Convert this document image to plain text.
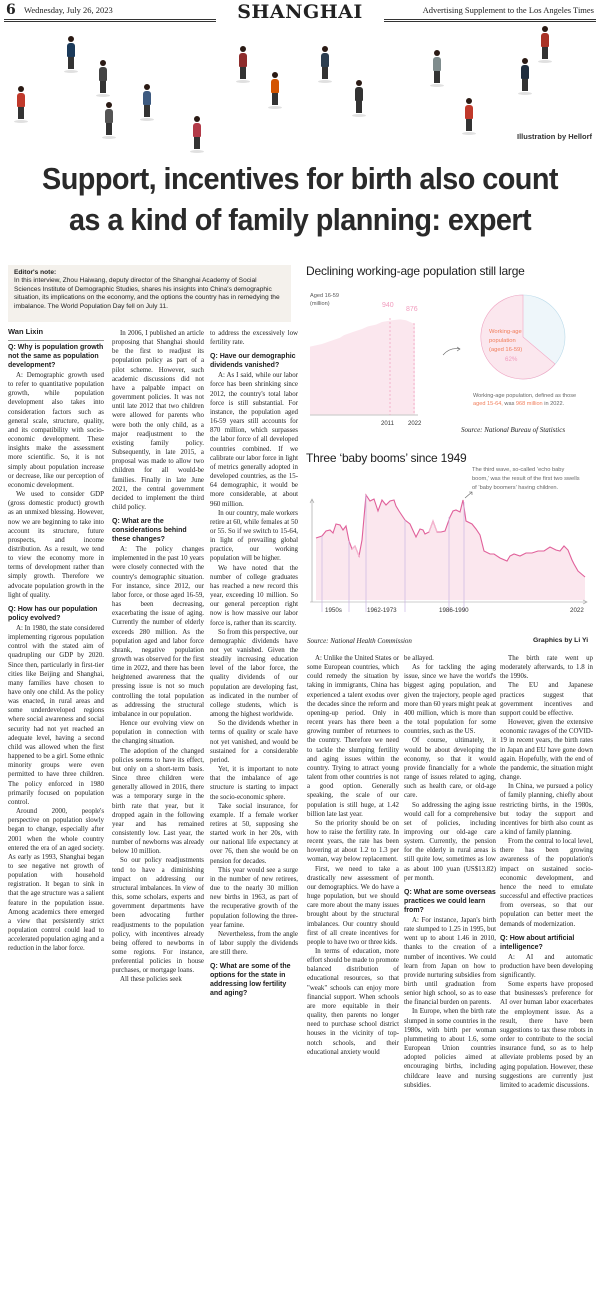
6 Wednesday, July 26, 2023	SHANGHAI	Advertising Supplement to the Los Angeles Times
Illustration by Hellorf
Support, incentives for birth also count
as a kind of family planning: expert
Editor's note:
In this interview, Zhou Haiwang, deputy director of the Shanghai Academy of Social Sciences Institute of Demographic Studies, shares his insights into China's demographic situation, its implications on the economy, and the options the country has in remedying the imbalance. The World Population Day fell on July 11.
Wan Lixin
Q: Why is population growth not the same as population development?

A: Demographic growth used to refer to quantitative population growth, while population development also takes into consideration factors such as general scale, structure, quality, and its compatibility with socio-economic development. These insights make the assessment more scientific. So, it is not simply about population increase or decrease, like our perception of economic development.

We used to consider GDP (gross domestic product) growth as an unmixed blessing. However, now we are beginning to take into account its structure, future prospects, and income distribution. As a result, we tend to view the economy more in terms of development rather than simply growth. Therefore we advocate population growth in the light of quality.

Q: How has our population policy evolved?

A: In 1980, the state considered implementing rigorous population control with the stated aim of quadrupling our GDP by 2020. Since then, particularly in first-tier cities like Beijing and Shanghai, many families have chosen to have only one child. As the policy was enacted, in rural areas and some underdeveloped regions where social awareness and social security had not yet reached an adequate level, having a second child was allowed when the first happened to be a girl. Some ethnic minority groups were even permitted to have three children. The policy enforced in 1980 primarily focused on population control.

Around 2000, people's perspective on population slowly began to change, especially after 2001 when the whole country entered the era of an aged society. As early as 1993, Shanghai began to see negative net growth of population with household registration. It began to sink in that the age structure was a salient feature in the population issue. Among academics there emerged a view that persistently strict population control could lead to accelerated population aging and a reduction in the labor force.

In 2006, I published an article proposing that Shanghai should be the first to readjust its population policy as part of a pilot scheme. However, such academic discussions did not have a palpable impact on government policies. It was not until late 2012 that two children were allowed for parents who were both the only child, as a major readjustment to the existing family policy. Subsequently, in late 2015, a proposal was made to allow two children for all would-be families. Finally in late June 2021, the central government decided to implement the third child policy.

Q: What are the considerations behind these changes?

A: The policy changes implemented in the past 10 years were closely connected with the country's demographic situation. For instance, since 2012, our labor force, or those aged 16-59, has been decreasing, exacerbating the issue of aging. Currently the number of elderly exceeds 280 million. As the population aged and labor force shrank, negative population growth was observed for the first time in 2022, and there has been heightened awareness that the pressing issue is not so much controlling the total population as addressing the structural imbalance in our population.

Hence our evolving view on population in connection with the changing situation.

The adoption of the changed policies seems to have its effect, but only on a short-term basis. Since three children were generally allowed in 2016, there was a temporary surge in the birth rate that year, but it dropped again in the following year and has remained consistently low. Last year, the number of newborns was already below 10 million.

So our policy readjustments tend to have a diminishing impact on addressing our structural imbalances. In view of this, some scholars, experts and government departments have been advocating further readjustments to the population policy, with incentives already being offered to newborns in some regions. For instance, preferential policies in house purchases, or mortgage loans.

All these policies seek

to address the excessively low fertility rate.

Q: Have our demographic dividends vanished?

A: As I said, while our labor force has been shrinking since 2012, the country's total labor force is still substantial. For instance, the population aged 16-59 years still accounts for 870 million, which surpasses the labor force of all developed countries combined. If we calibrate our labor force in light of metrics generally adopted in developed countries, as the 15-64 demographic, it would be more considerable, at about 960 million.

In our country, male workers retire at 60, while females at 50 or 55. So if we switch to 15-64, in light of prevailing global practice, our working population will be higher.

We have noted that the number of college graduates has reached a new record this year, exceeding 10 million. So our general perception right now is how massive our labor force is, rather than its scarcity.

So from this perspective, our demographic dividends have not yet vanished. Given the steadily increasing education level of the labor force, the quality dividends of our population are developing fast, as indicated in the number of college students, which is among the highest worldwide.

So the dividends whether in terms of quality or scale have not yet vanished, and would be sustained for a considerable period.

Yet, it is important to note that the imbalance of age structure is starting to impact the socio-economic sphere.

Take social insurance, for example. If a female worker retires at 50, supposing she started work in her 20s, with our national life expectancy at over 76, then she would be on pension for decades.

This year would see a surge in the number of new retirees, due to the nearly 30 million new births in 1963, as part of the recuperative growth of the population following the three-year famine.

Nevertheless, from the angle of labor supply the dividends are still there.

Q: What are some of the options for the state in addressing low fertility and aging?

A: Unlike the United States or some European countries, which could remedy the situation by taking in immigrants, China has experienced a talent exodus over the decades since the reform and opening-up period. Only in recent years has there been a growing number of returnees to the country. Therefore we need to tackle the slumping fertility and aging issues within the country. Trying to attract young talent from other countries is not a good option. Generally speaking, the scale of our population is still huge, at 1.42 billion late last year.

So the priority should be on how to raise the fertility rate. In recent years, the rate has been hovering at about 1.2 to 1.3 per woman, way below replacement.

First, we need to take a drastically new assessment of our demographics. We do have a huge population, but we should care more about the many issues brought about by the structural imbalances. Our country should first of all create incentives for people to have two or three kids.

In terms of education, more effort should be made to promote balanced distribution of educational resources, so that "weak" schools can enjoy more financial support. When schools are more equitable in their quality, then parents no longer need to purchase school district houses in the vicinity of top-notch schools, and their educational anxiety would

be allayed.

As for tackling the aging issue, since we have the world's biggest aging population, and given the trajectory, people aged more than 60 years might peak at 400 million, which is more than the total population for some countries, such as the US.

Of course, ultimately, it would be about developing the economy, so that it would provide financially for a whole range of issues related to aging, such as health care, or old-age care.

So addressing the aging issue would call for a comprehensive set of policies, including improving our old-age care system. Currently, the pension for the elderly in rural areas is still quite low, sometimes as low as about 100 yuan (US$13.82) per month.

Q: What are some overseas practices we could learn from?

A: For instance, Japan's birth rate slumped to 1.25 in 1995, but went up to about 1.46 in 2010, thanks to the creation of a number of incentives. We could learn from Japan on how to provide nurturing subsidies from birth until graduation from senior high school, so as to ease the financial burden on parents.

In Europe, when the birth rate slumped in some countries in the 1980s, with birth per woman plummeting to about 1.6, some European Union countries adopted policies aimed at encouraging births, including childcare leave and nursing subsidies.

The birth rate went up moderately afterwards, to 1.8 in the 1990s.

The EU and Japanese practices suggest that government incentives and support could be effective.

However, given the extensive economic ravages of the COVID-19 in recent years, the birth rates in Japan and EU have gone down again. Hopefully, with the end of the pandemic, the situation might change.

In China, we pursued a policy of family planning, chiefly about restricting births, in the 1980s, but today the support and incentives for birth also count as a kind of family planning.

From the central to local level, there has been growing awareness of the population's impact on sustained socio-economic development, and hence the need to emulate successful and effective practices from overseas, so that our population can better meet the demands of modernization.

Q: How about artificial intelligence?

A: AI and automatic production have been developing significantly.

Some experts have proposed that businesses's preference for AI over human labor exacerbates the employment issue. As a result, there have been suggestions to tax these robots in order to contribute to the social insurance fund, so as to help alleviate problems posed by an aging population. However, these suggestions are currently just limited to academic discussions.

Declining working-age population still large
Aged 16-59
(million)	940
876
2011 2022
Working-age
population
(aged 16-59)
62%
Working-age population, defined as those
aged 15-64, was 968 million in 2022.
Source: National Bureau of Statistics
Three ‘baby booms’ since 1949
The third wave, so-called ‘echo baby
boom,’ was the result of the first two swells
of ‘baby boomers’ having children.
1950s	1962-1973	1986-1990	2022
Source: National Health Commission	Graphics by Li Yi
